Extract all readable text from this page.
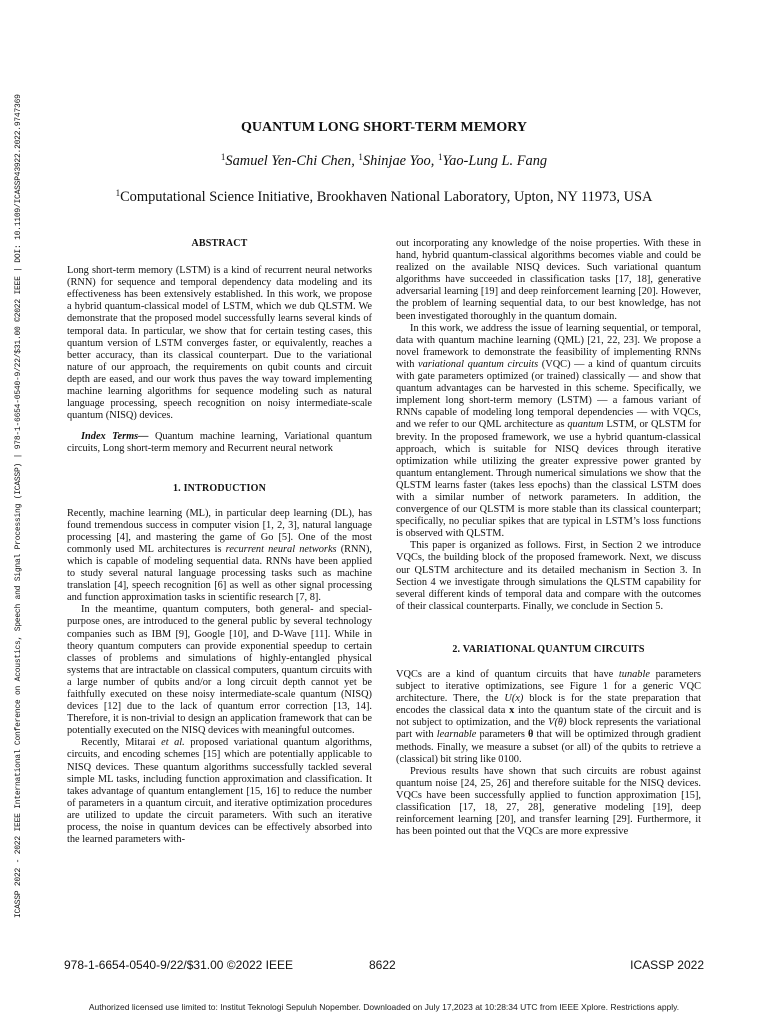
ICASSP 2022 - 2022 IEEE International Conference on Acoustics, Speech and Signal Processing (ICASSP) | 978-1-6654-0540-9/22/$31.00 ©2022 IEEE | DOI: 10.1109/ICASSP43922.2022.9747369	QUANTUM LONG SHORT-TERM MEMORY
$^1$Samuel Yen-Chi Chen, $^1$Shinjae Yoo, $^1$Yao-Lung L. Fang
$^1$Computational Science Initiative, Brookhaven National Laboratory, Upton, NY 11973, USA
ABSTRACT

Long short-term memory (LSTM) is a kind of recurrent neural networks (RNN) for sequence and temporal dependency data modeling and its effectiveness has been extensively established. In this work, we propose a hybrid quantum-classical model of LSTM, which we dub QLSTM. We demonstrate that the proposed model successfully learns several kinds of temporal data. In particular, we show that for certain testing cases, this quantum version of LSTM converges faster, or equivalently, reaches a better accuracy, than its classical counterpart. Due to the variational nature of our approach, the requirements on qubit counts and circuit depth are eased, and our work thus paves the way toward implementing machine learning algorithms for sequence modeling such as natural language processing, speech recognition on noisy intermediate-scale quantum (NISQ) devices.

Index Terms— Quantum machine learning, Variational quantum circuits, Long short-term memory and Recurrent neural network

1. INTRODUCTION

Recently, machine learning (ML), in particular deep learning (DL), has found tremendous success in computer vision [1, 2, 3], natural language processing [4], and mastering the game of Go [5]. One of the most commonly used ML architectures is recurrent neural networks (RNN), which is capable of modeling sequential data. RNNs have been applied to study several natural language processing tasks such as machine translation [4], speech recognition [6] as well as other signal processing and function approximation tasks in scientific research [7, 8].

In the meantime, quantum computers, both general- and special-purpose ones, are introduced to the general public by several technology companies such as IBM [9], Google [10], and D-Wave [11]. While in theory quantum computers can provide exponential speedup to certain classes of problems and simulations of highly-entangled physical systems that are intractable on classical computers, quantum circuits with a large number of qubits and/or a long circuit depth cannot yet be faithfully executed on these noisy intermediate-scale quantum (NISQ) devices [12] due to the lack of quantum error correction [13, 14]. Therefore, it is non-trivial to design an application framework that can be potentially executed on the NISQ devices with meaningful outcomes.

Recently, Mitarai et al. proposed variational quantum algorithms, circuits, and encoding schemes [15] which are potentially applicable to NISQ devices. These quantum algorithms successfully tackled several simple ML tasks, including function approximation and classification. It takes advantage of quantum entanglement [15, 16] to reduce the number of parameters in a quantum circuit, and iterative optimization procedures are utilized to update the circuit parameters. With such an iterative process, the noise in quantum devices can be effectively absorbed into the learned parameters with-

out incorporating any knowledge of the noise properties. With these in hand, hybrid quantum-classical algorithms becomes viable and could be realized on the available NISQ devices. Such variational quantum algorithms have succeeded in classification tasks [17, 18], generative adversarial learning [19] and deep reinforcement learning [20]. However, the problem of learning sequential data, to our best knowledge, has not been investigated thoroughly in the quantum domain.

In this work, we address the issue of learning sequential, or temporal, data with quantum machine learning (QML) [21, 22, 23]. We propose a novel framework to demonstrate the feasibility of implementing RNNs with variational quantum circuits (VQC) — a kind of quantum circuits with gate parameters optimized (or trained) classically — and show that quantum advantages can be harvested in this scheme. Specifically, we implement long short-term memory (LSTM) — a famous variant of RNNs capable of modeling long temporal dependencies — with VQCs, and we refer to our QML architecture as quantum LSTM, or QLSTM for brevity. In the proposed framework, we use a hybrid quantum-classical approach, which is suitable for NISQ devices through iterative optimization while utilizing the greater expressive power granted by quantum entanglement. Through numerical simulations we show that the QLSTM learns faster (takes less epochs) than the classical LSTM does with a similar number of network parameters. In addition, the convergence of our QLSTM is more stable than its classical counterpart; specifically, no peculiar spikes that are typical in LSTM’s loss functions is observed with QLSTM.

This paper is organized as follows. First, in Section 2 we introduce VQCs, the building block of the proposed framework. Next, we discuss our QLSTM architecture and its detailed mechanism in Section 3. In Section 4 we investigate through simulations the QLSTM capability for several different kinds of temporal data and compare with the outcomes of their classical counterparts. Finally, we conclude in Section 5.

2. VARIATIONAL QUANTUM CIRCUITS

VQCs are a kind of quantum circuits that have tunable parameters subject to iterative optimizations, see Figure 1 for a generic VQC architecture. There, the U(x) block is for the state preparation that encodes the classical data x into the quantum state of the circuit and is not subject to optimization, and the V(θ) block represents the variational part with learnable parameters θ that will be optimized through gradient methods. Finally, we measure a subset (or all) of the qubits to retrieve a (classical) bit string like 0100.

Previous results have shown that such circuits are robust against quantum noise [24, 25, 26] and therefore suitable for the NISQ devices. VQCs have been successfully applied to function approximation [15], classification [17, 18, 27, 28], generative modeling [19], deep reinforcement learning [20], and transfer learning [29]. Furthermore, it has been pointed out that the VQCs are more expressive

978-1-6654-0540-9/22/$31.00 ©2022 IEEE	8622	ICASSP 2022
Authorized licensed use limited to: Institut Teknologi Sepuluh Nopember. Downloaded on July 17,2023 at 10:28:34 UTC from IEEE Xplore. Restrictions apply.
